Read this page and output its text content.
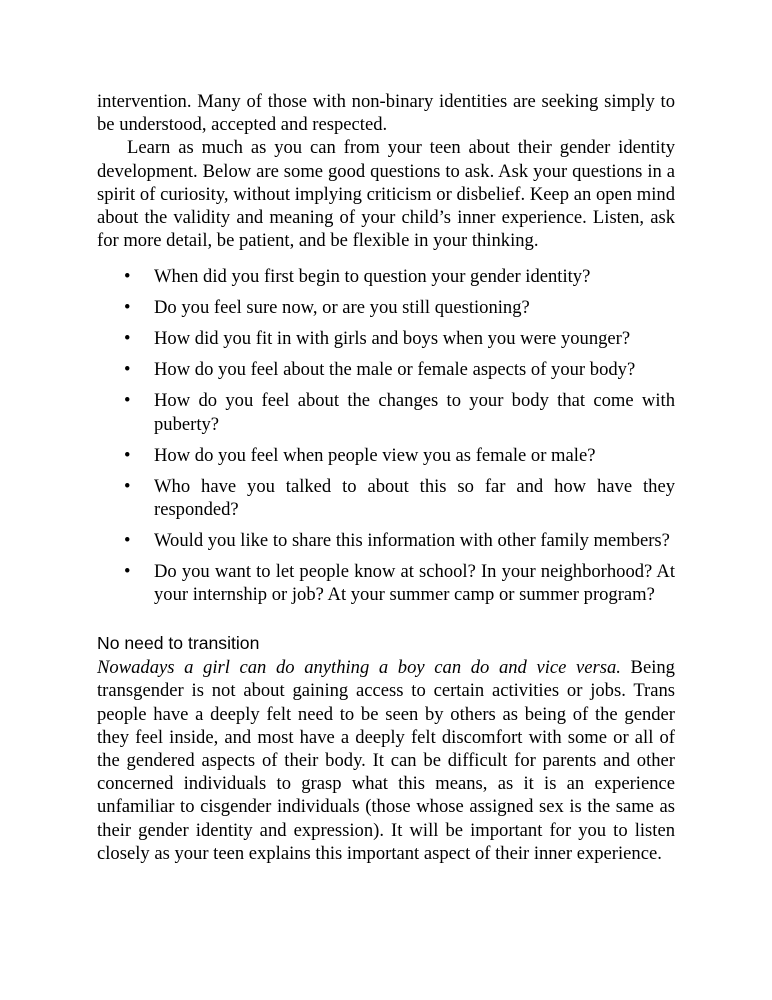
intervention. Many of those with non-binary identities are seeking simply to be understood, accepted and respected.

Learn as much as you can from your teen about their gender identity development. Below are some good questions to ask. Ask your questions in a spirit of curiosity, without implying criticism or disbelief. Keep an open mind about the validity and meaning of your child’s inner experience. Listen, ask for more detail, be patient, and be flexible in your thinking.

• When did you first begin to question your gender identity?
• Do you feel sure now, or are you still questioning?
• How did you fit in with girls and boys when you were younger?
• How do you feel about the male or female aspects of your body?
• How do you feel about the changes to your body that come with puberty?
• How do you feel when people view you as female or male?
• Who have you talked to about this so far and how have they responded?
• Would you like to share this information with other family members?
• Do you want to let people know at school? In your neighborhood? At your internship or job? At your summer camp or summer program?
No need to transition

Nowadays a girl can do anything a boy can do and vice versa. Being transgender is not about gaining access to certain activities or jobs. Trans people have a deeply felt need to be seen by others as being of the gender they feel inside, and most have a deeply felt discomfort with some or all of the gendered aspects of their body. It can be difficult for parents and other concerned individuals to grasp what this means, as it is an experience unfamiliar to cisgender individuals (those whose assigned sex is the same as their gender identity and expression). It will be important for you to listen closely as your teen explains this important aspect of their inner experience.
